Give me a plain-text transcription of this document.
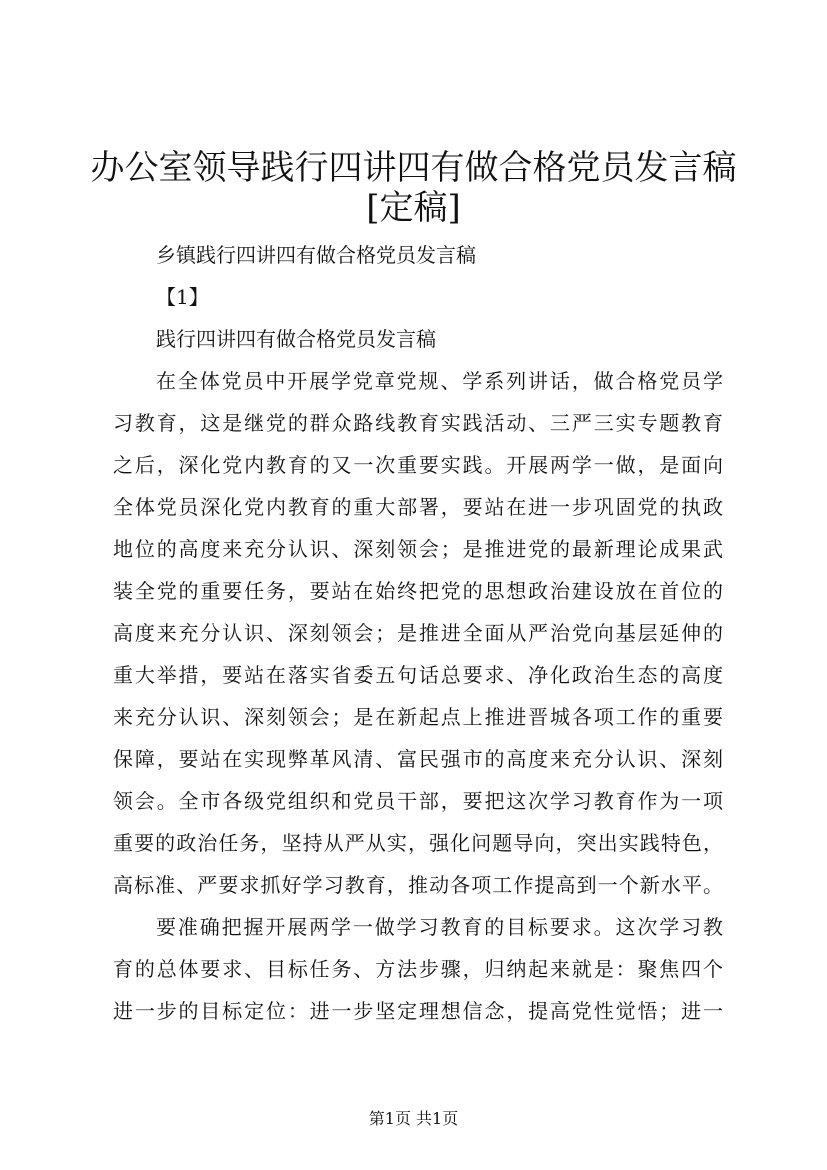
办公室领导践行四讲四有做合格党员发言稿
[定稿]
乡镇践行四讲四有做合格党员发言稿
【1】
践行四讲四有做合格党员发言稿
在全体党员中开展学党章党规、学系列讲话，做合格党员学
习教育，这是继党的群众路线教育实践活动、三严三实专题教育
之后，深化党内教育的又一次重要实践。开展两学一做，是面向
全体党员深化党内教育的重大部署，要站在进一步巩固党的执政
地位的高度来充分认识、深刻领会；是推进党的最新理论成果武
装全党的重要任务，要站在始终把党的思想政治建设放在首位的
高度来充分认识、深刻领会；是推进全面从严治党向基层延伸的
重大举措，要站在落实省委五句话总要求、净化政治生态的高度
来充分认识、深刻领会；是在新起点上推进晋城各项工作的重要
保障，要站在实现弊革风清、富民强市的高度来充分认识、深刻
领会。全市各级党组织和党员干部，要把这次学习教育作为一项
重要的政治任务，坚持从严从实，强化问题导向，突出实践特色，
高标准、严要求抓好学习教育，推动各项工作提高到一个新水平。
要准确把握开展两学一做学习教育的目标要求。这次学习教
育的总体要求、目标任务、方法步骤，归纳起来就是：聚焦四个
进一步的目标定位：进一步坚定理想信念，提高党性觉悟；进一
第1页 共1页
